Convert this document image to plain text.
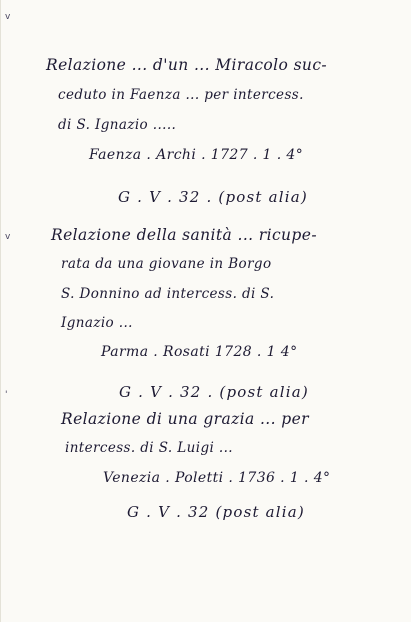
v
v
'
Relazione ... d'un ... Miracolo suc-
ceduto in Faenza ... per intercess.
di S. Ignazio .....
Faenza . Archi . 1727 . 1 . 4°
G . V . 32 . (post alia)
Relazione della sanità ... ricupe-
rata da una giovane in Borgo
S. Donnino ad intercess. di S.
Ignazio ...
Parma . Rosati 1728 . 1 4°
G . V . 32 . (post alia)
Relazione di una grazia ... per
intercess. di S. Luigi ...
Venezia . Poletti . 1736 . 1 . 4°
G . V . 32 (post alia)
